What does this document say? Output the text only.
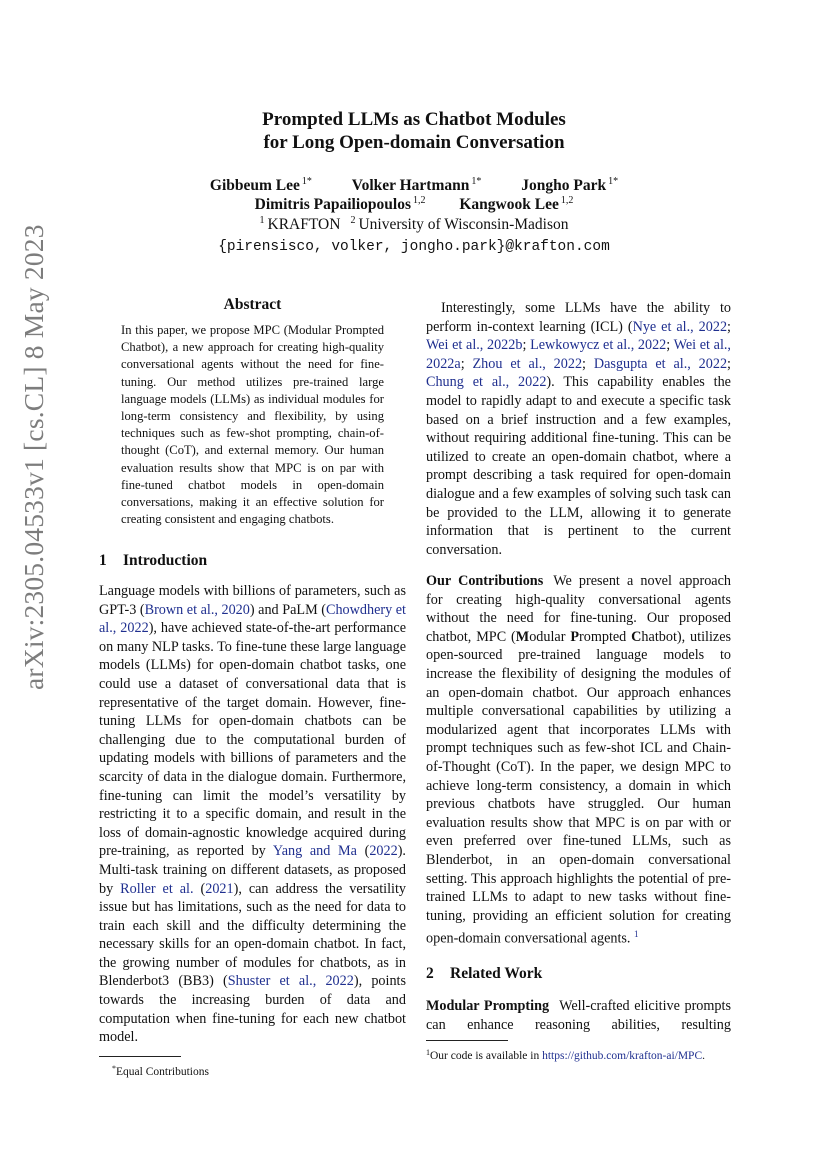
arXiv:2305.04533v1 [cs.CL] 8 May 2023
Prompted LLMs as Chatbot Modules
for Long Open-domain Conversation
Gibbeum Lee $^{1*}$	Volker Hartmann $^{1*}$	Jongho Park $^{1*}$
Dimitris Papailiopoulos $^{1,2}$ Kangwook Lee $^{1,2}$
$^1$ KRAFTON $^2$ University of Wisconsin-Madison
{pirensisco, volker, jongho.park}@krafton.com
Abstract
In this paper, we propose MPC (Modular Prompted Chatbot), a new approach for creating high-quality conversational agents without the need for fine-tuning. Our method utilizes pre-trained large language models (LLMs) as individual modules for long-term consistency and flexibility, by using techniques such as few-shot prompting, chain-of-thought (CoT), and external memory. Our human evaluation results show that MPC is on par with fine-tuned chatbot models in open-domain conversations, making it an effective solution for creating consistent and engaging chatbots.
1 Introduction
Language models with billions of parameters, such as GPT-3 (Brown et al., 2020) and PaLM (Chowdhery et al., 2022), have achieved state-of-the-art performance on many NLP tasks. To fine-tune these large language models (LLMs) for open-domain chatbot tasks, one could use a dataset of conversational data that is representative of the target domain. However, fine-tuning LLMs for open-domain chatbots can be challenging due to the computational burden of updating models with billions of parameters and the scarcity of data in the dialogue domain. Furthermore, fine-tuning can limit the model’s versatility by restricting it to a specific domain, and result in the loss of domain-agnostic knowledge acquired during pre-training, as reported by Yang and Ma (2022). Multi-task training on different datasets, as proposed by Roller et al. (2021), can address the versatility issue but has limitations, such as the need for data to train each skill and the difficulty determining the necessary skills for an open-domain chatbot. In fact, the growing number of modules for chatbots, as in Blenderbot3 (BB3) (Shuster et al., 2022), points towards the increasing burden of data and computation when fine-tuning for each new chatbot model.
*Equal Contributions
Interestingly, some LLMs have the ability to perform in-context learning (ICL) (Nye et al., 2022; Wei et al., 2022b; Lewkowycz et al., 2022; Wei et al., 2022a; Zhou et al., 2022; Dasgupta et al., 2022; Chung et al., 2022). This capability enables the model to rapidly adapt to and execute a specific task based on a brief instruction and a few examples, without requiring additional fine-tuning. This can be utilized to create an open-domain chatbot, where a prompt describing a task required for open-domain dialogue and a few examples of solving such task can be provided to the LLM, allowing it to generate information that is pertinent to the current conversation.
Our Contributions We present a novel approach for creating high-quality conversational agents without the need for fine-tuning. Our proposed chatbot, MPC (Modular Prompted Chatbot), utilizes open-sourced pre-trained language models to increase the flexibility of designing the modules of an open-domain chatbot. Our approach enhances multiple conversational capabilities by utilizing a modularized agent that incorporates LLMs with prompt techniques such as few-shot ICL and Chain-of-Thought (CoT). In the paper, we design MPC to achieve long-term consistency, a domain in which previous chatbots have struggled. Our human evaluation results show that MPC is on par with or even preferred over fine-tuned LLMs, such as Blenderbot, in an open-domain conversational setting. This approach highlights the potential of pre-trained LLMs to adapt to new tasks without fine-tuning, providing an efficient solution for creating open-domain conversational agents. $^1$
2 Related Work
Modular Prompting Well-crafted elicitive prompts can enhance reasoning abilities, resulting
$^1$Our code is available in https://github.com/krafton-ai/MPC.
